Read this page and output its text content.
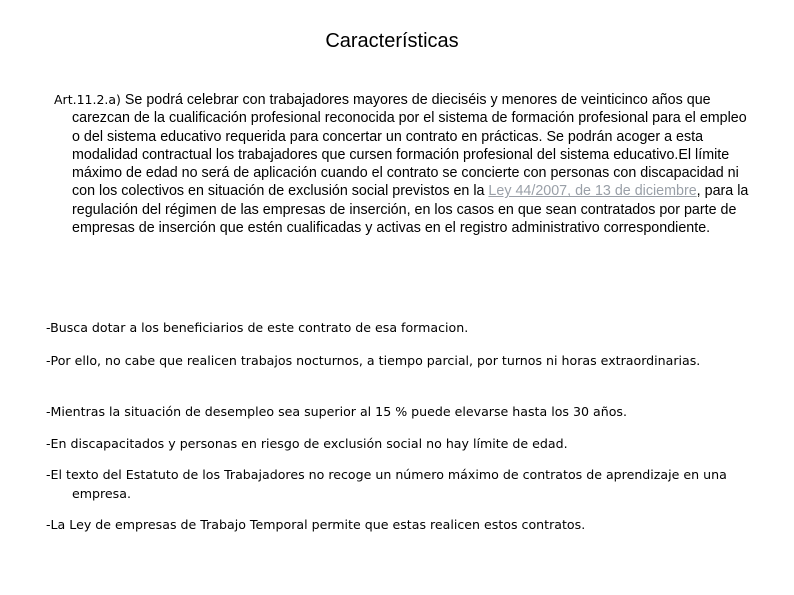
Características
Art.11.2.a) Se podrá celebrar con trabajadores mayores de dieciséis y menores de veinticinco años que carezcan de la cualificación profesional reconocida por el sistema de formación profesional para el empleo o del sistema educativo requerida para concertar un contrato en prácticas. Se podrán acoger a esta modalidad contractual los trabajadores que cursen formación profesional del sistema educativo.El límite máximo de edad no será de aplicación cuando el contrato se concierte con personas con discapacidad ni con los colectivos en situación de exclusión social previstos en la Ley 44/2007, de 13 de diciembre, para la regulación del régimen de las empresas de inserción, en los casos en que sean contratados por parte de empresas de inserción que estén cualificadas y activas en el registro administrativo correspondiente.
-Busca dotar a los beneficiarios de este contrato de esa formacion.
-Por ello, no cabe que realicen trabajos nocturnos, a tiempo parcial, por turnos ni horas extraordinarias.
-Mientras la situación de desempleo sea superior al 15 % puede elevarse hasta los 30 años.
-En discapacitados y personas en riesgo de exclusión social no hay límite de edad.
-El texto del Estatuto de los Trabajadores no recoge un número máximo de contratos de aprendizaje en una empresa.
-La Ley de empresas de Trabajo Temporal permite que estas realicen estos contratos.
